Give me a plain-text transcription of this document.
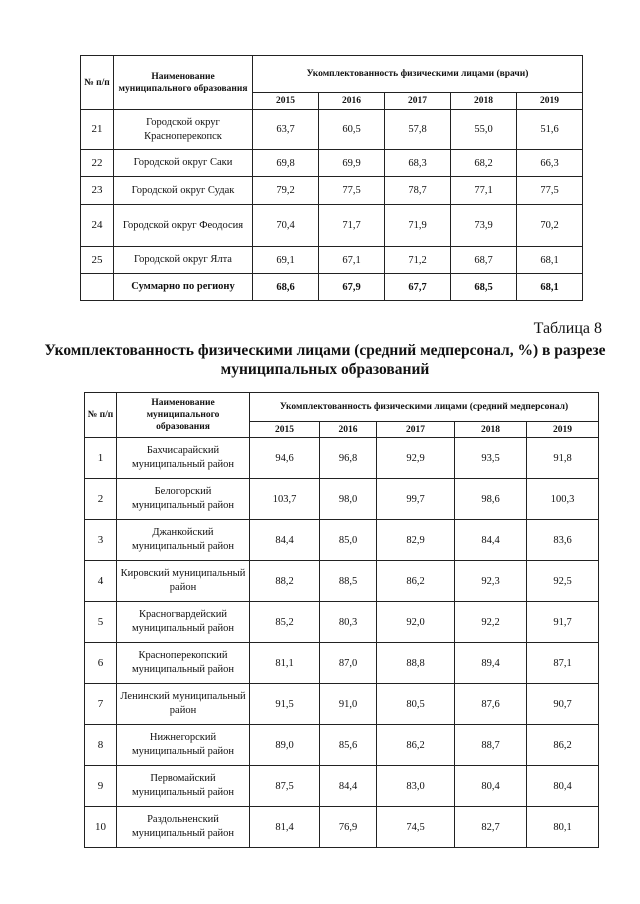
№ п/п	Наименование муниципального образования	Укомплектованность физическими лицами (врачи)				
		2015	2016	2017	2018	2019
21	Городской округ Красноперекопск	63,7	60,5	57,8	55,0	51,6
22	Городской округ Саки	69,8	69,9	68,3	68,2	66,3
23	Городской округ Судак	79,2	77,5	78,7	77,1	77,5
24	Городской округ Феодосия	70,4	71,7	71,9	73,9	70,2
25	Городской округ Ялта	69,1	67,1	71,2	68,7	68,1
	Суммарно по региону	68,6	67,9	67,7	68,5	68,1
Таблица 8
Укомплектованность физическими лицами (средний медперсонал, %) в разрезе муниципальных образований
№ п/п	Наименование муниципального образования	Укомплектованность физическими лицами (средний медперсонал)				
		2015	2016	2017	2018	2019
1	Бахчисарайский муниципальный район	94,6	96,8	92,9	93,5	91,8
2	Белогорский муниципальный район	103,7	98,0	99,7	98,6	100,3
3	Джанкойский муниципальный район	84,4	85,0	82,9	84,4	83,6
4	Кировский муниципальный район	88,2	88,5	86,2	92,3	92,5
5	Красногвардейский муниципальный район	85,2	80,3	92,0	92,2	91,7
6	Красноперекопский муниципальный район	81,1	87,0	88,8	89,4	87,1
7	Ленинский муниципальный район	91,5	91,0	80,5	87,6	90,7
8	Нижнегорский муниципальный район	89,0	85,6	86,2	88,7	86,2
9	Первомайский муниципальный район	87,5	84,4	83,0	80,4	80,4
10	Раздольненский муниципальный район	81,4	76,9	74,5	82,7	80,1
